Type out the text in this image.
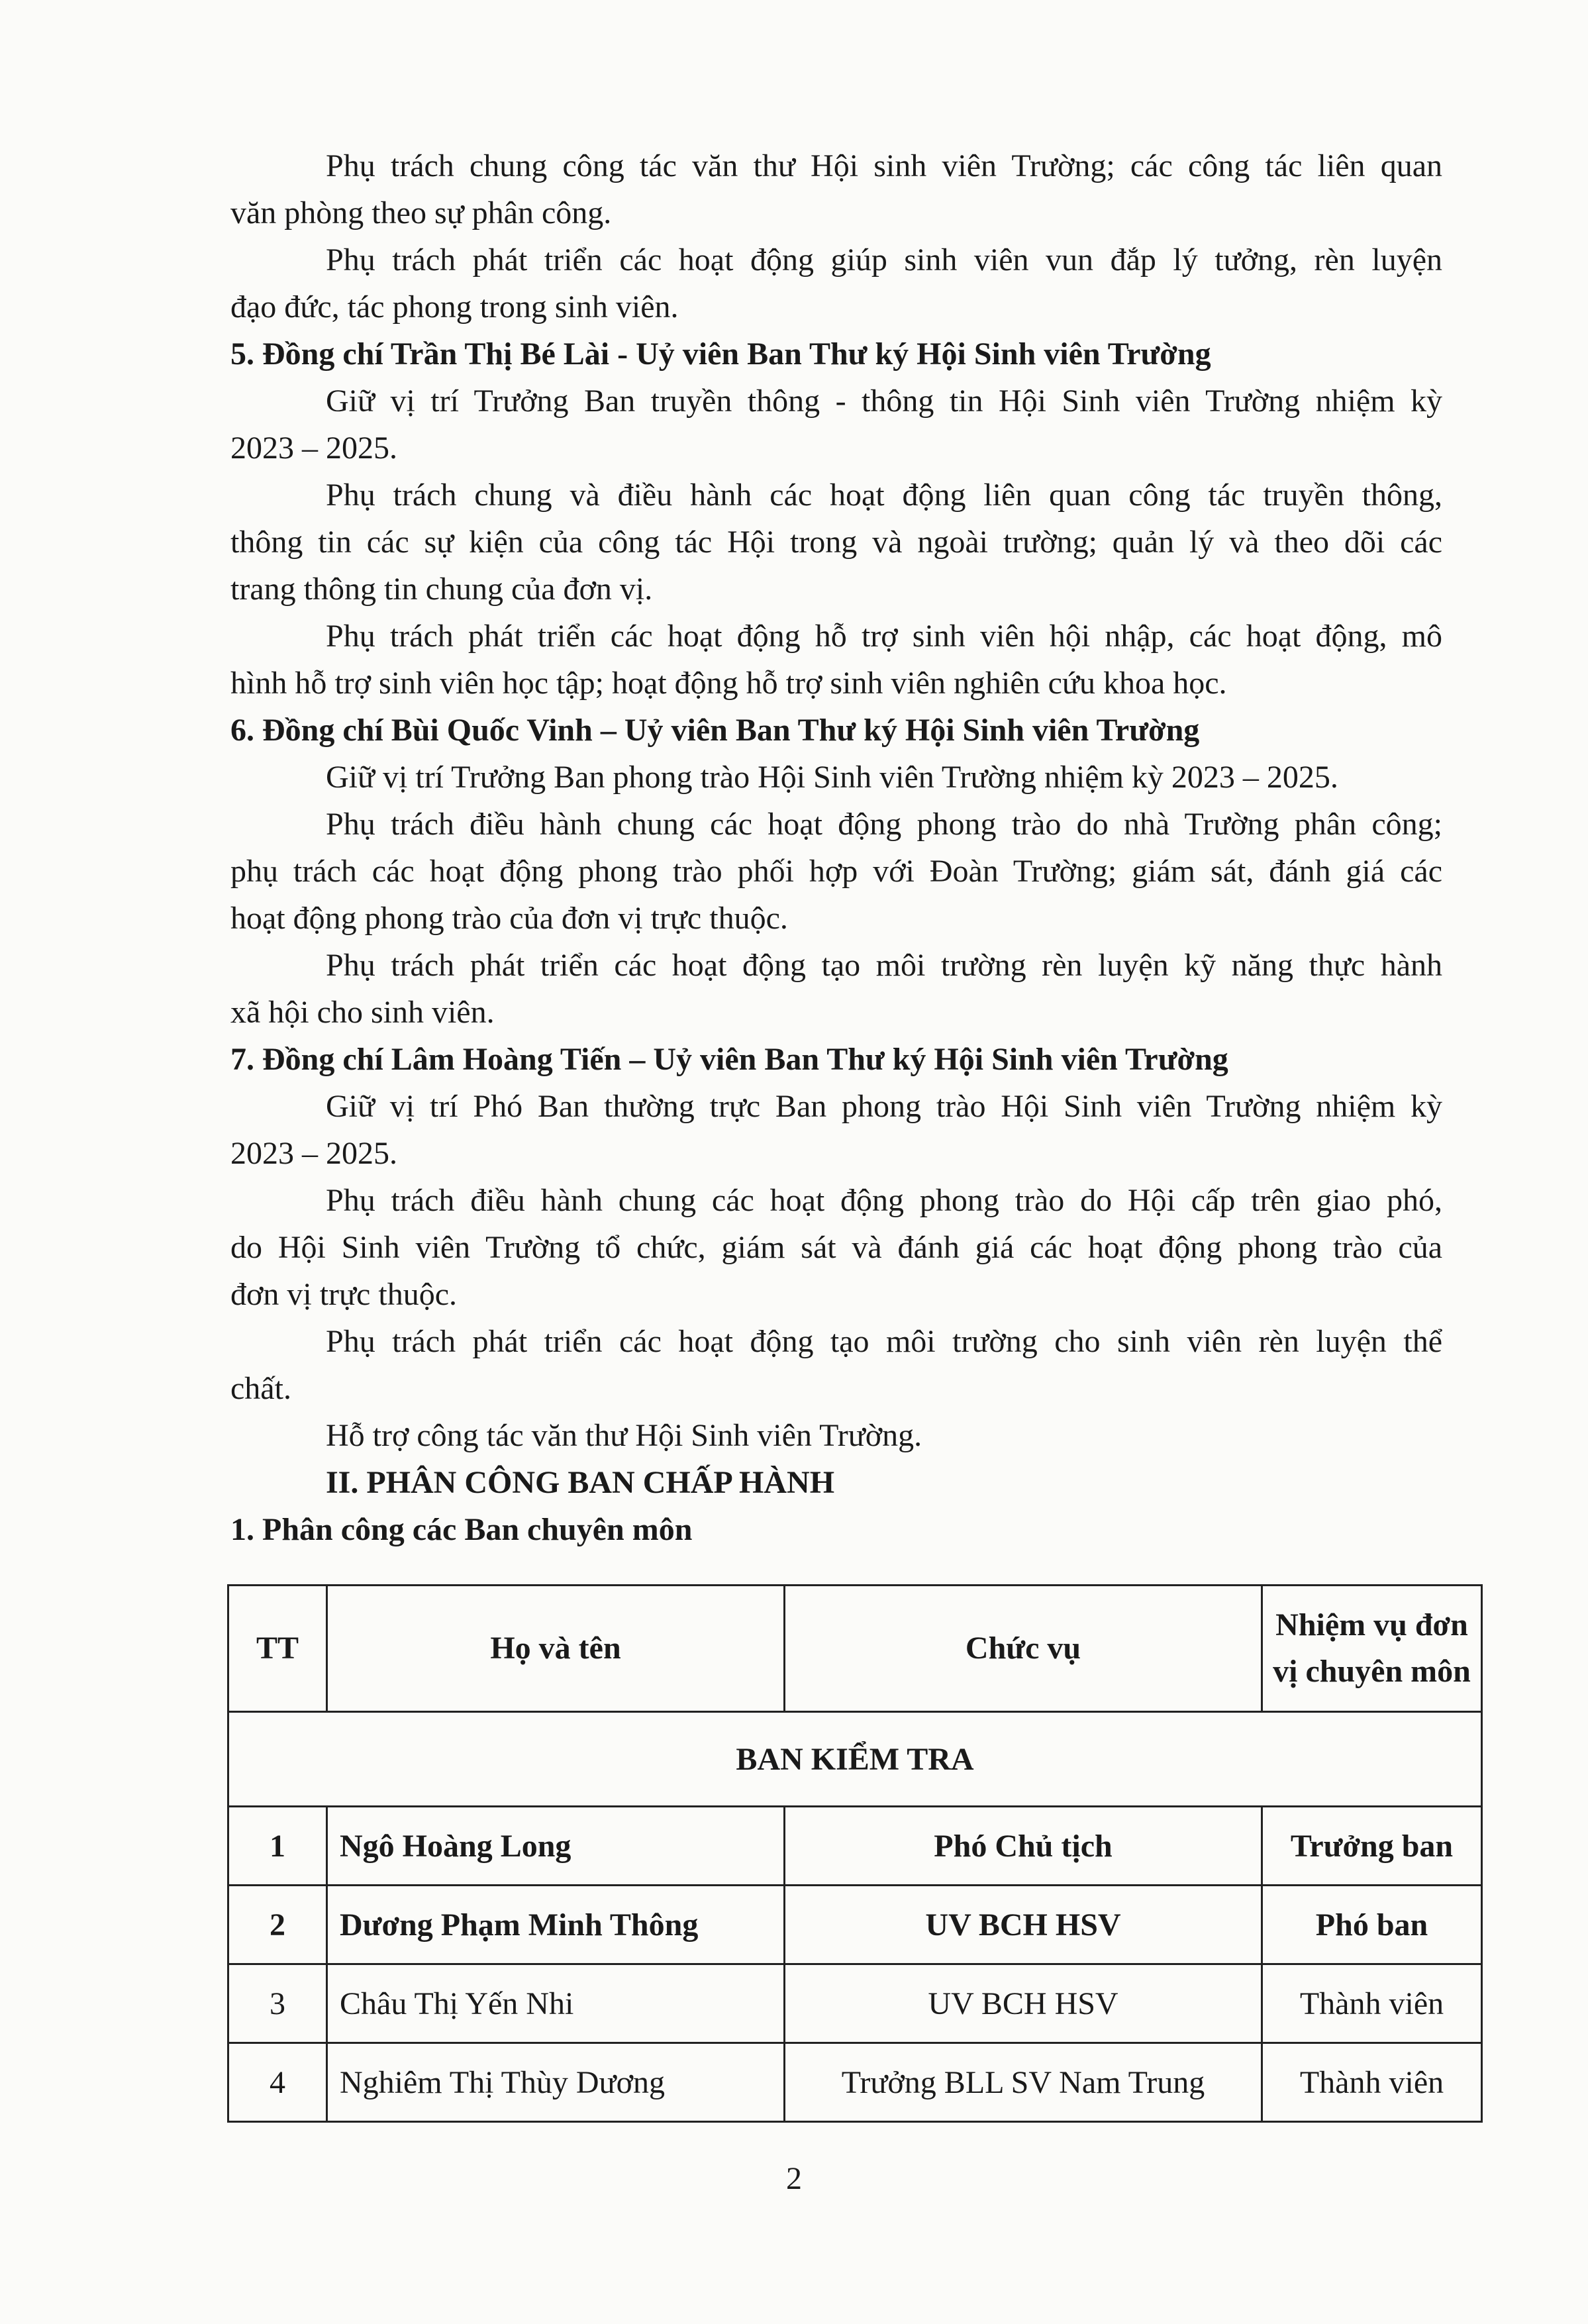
Phụ trách chung công tác văn thư Hội sinh viên Trường; các công tác liên quan
văn phòng theo sự phân công.
Phụ trách phát triển các hoạt động giúp sinh viên vun đắp lý tưởng, rèn luyện
đạo đức, tác phong trong sinh viên.
5. Đồng chí Trần Thị Bé Lài - Uỷ viên Ban Thư ký Hội Sinh viên Trường
Giữ vị trí Trưởng Ban truyền thông - thông tin Hội Sinh viên Trường nhiệm kỳ
2023 – 2025.
Phụ trách chung và điều hành các hoạt động liên quan công tác truyền thông,
thông tin các sự kiện của công tác Hội trong và ngoài trường; quản lý và theo dõi các
trang thông tin chung của đơn vị.
Phụ trách phát triển các hoạt động hỗ trợ sinh viên hội nhập, các hoạt động, mô
hình hỗ trợ sinh viên học tập; hoạt động hỗ trợ sinh viên nghiên cứu khoa học.
6. Đồng chí Bùi Quốc Vinh – Uỷ viên Ban Thư ký Hội Sinh viên Trường
Giữ vị trí Trưởng Ban phong trào Hội Sinh viên Trường nhiệm kỳ 2023 – 2025.
Phụ trách điều hành chung các hoạt động phong trào do nhà Trường phân công;
phụ trách các hoạt động phong trào phối hợp với Đoàn Trường; giám sát, đánh giá các
hoạt động phong trào của đơn vị trực thuộc.
Phụ trách phát triển các hoạt động tạo môi trường rèn luyện kỹ năng thực hành
xã hội cho sinh viên.
7. Đồng chí Lâm Hoàng Tiến – Uỷ viên Ban Thư ký Hội Sinh viên Trường
Giữ vị trí Phó Ban thường trực Ban phong trào Hội Sinh viên Trường nhiệm kỳ
2023 – 2025.
Phụ trách điều hành chung các hoạt động phong trào do Hội cấp trên giao phó,
do Hội Sinh viên Trường tổ chức, giám sát và đánh giá các hoạt động phong trào của
đơn vị trực thuộc.
Phụ trách phát triển các hoạt động tạo môi trường cho sinh viên rèn luyện thể
chất.
Hỗ trợ công tác văn thư Hội Sinh viên Trường.
II. PHÂN CÔNG BAN CHẤP HÀNH
1. Phân công các Ban chuyên môn
TT	Họ và tên	Chức vụ	Nhiệm vụ đơn
vị chuyên môn

BAN KIỂM TRA			
1	Ngô Hoàng Long	Phó Chủ tịch	Trưởng ban
2	Dương Phạm Minh Thông	UV BCH HSV	Phó ban
3	Châu Thị Yến Nhi	UV BCH HSV	Thành viên
4	Nghiêm Thị Thùy Dương	Trưởng BLL SV Nam Trung	Thành viên
2
